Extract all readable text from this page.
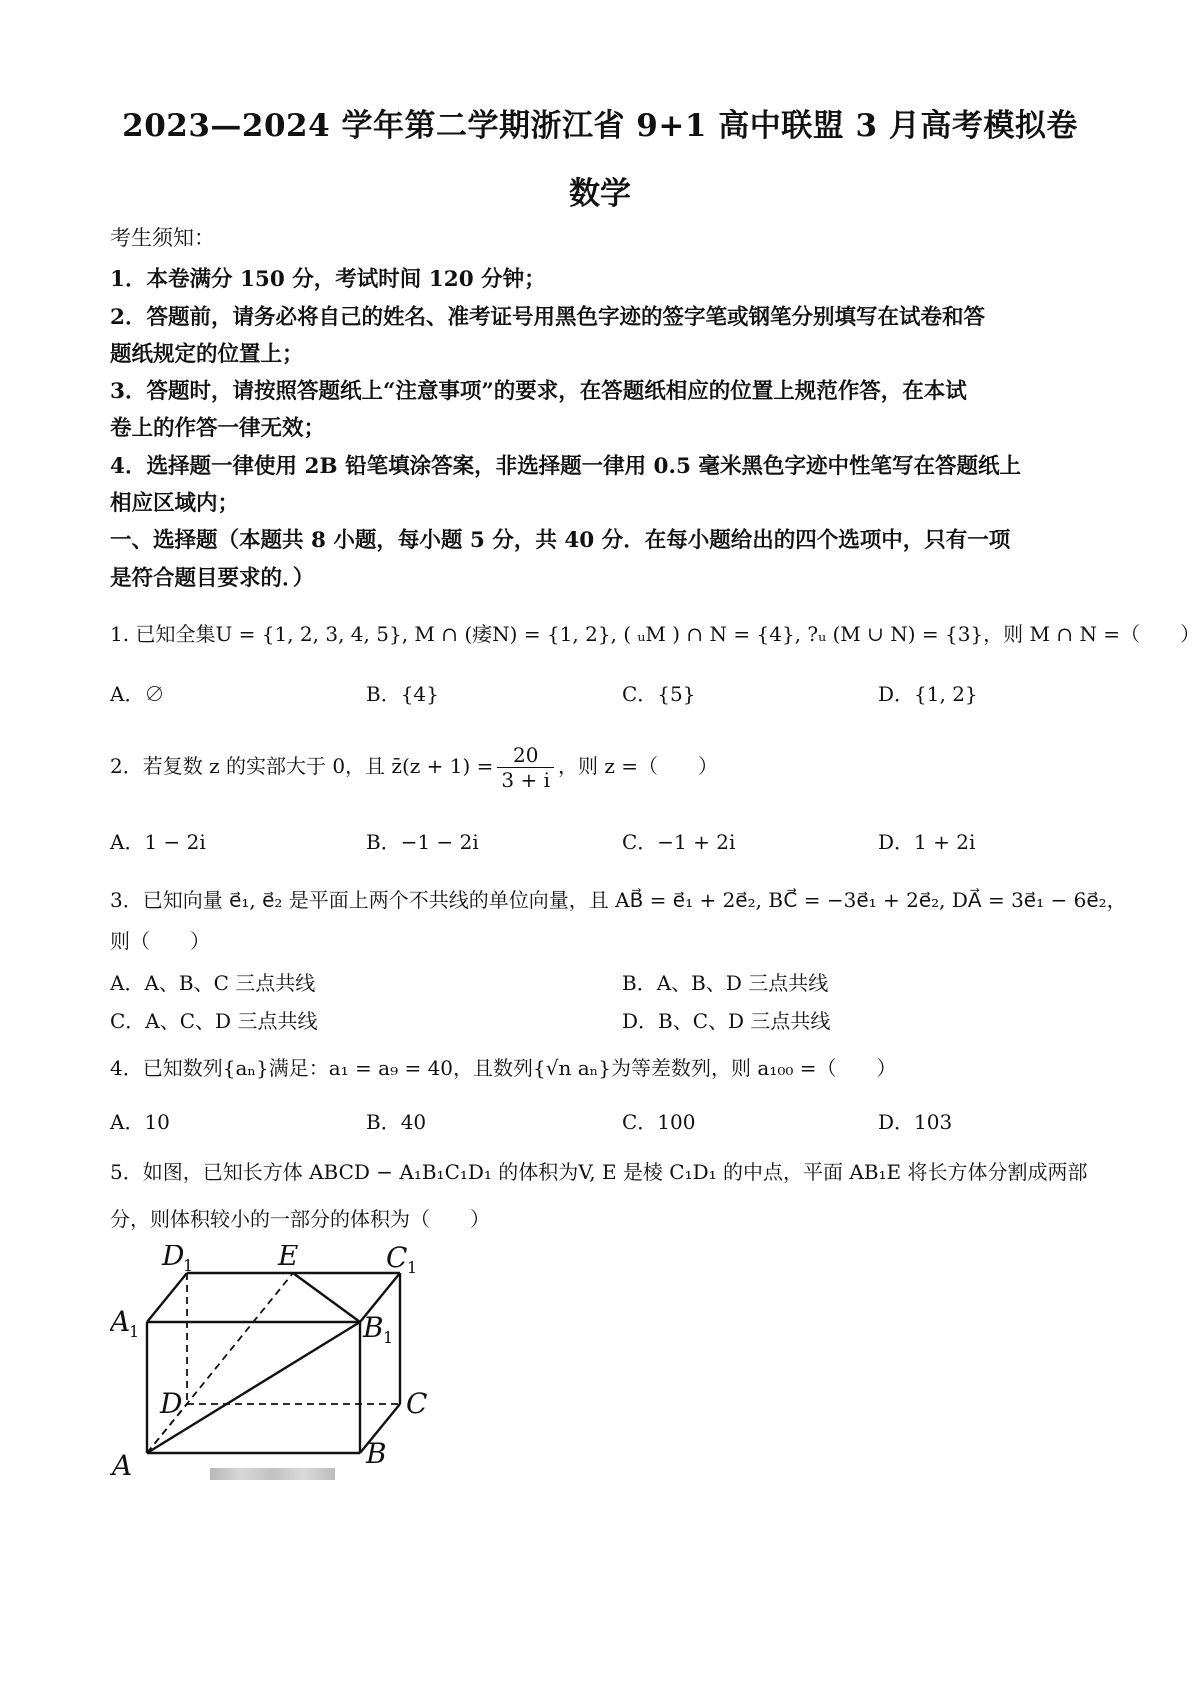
2023—2024 学年第二学期浙江省 9+1 高中联盟 3 月高考模拟卷
数学
考生须知：
1．本卷满分 150 分，考试时间 120 分钟；
2．答题前，请务必将自己的姓名、准考证号用黑色字迹的签字笔或钢笔分别填写在试卷和答
题纸规定的位置上；
3．答题时，请按照答题纸上“注意事项”的要求，在答题纸相应的位置上规范作答，在本试
卷上的作答一律无效；
4．选择题一律使用 2B 铅笔填涂答案，非选择题一律用 0.5 毫米黑色字迹中性笔写在答题纸上
相应区域内；
一、选择题（本题共 8 小题，每小题 5 分，共 40 分．在每小题给出的四个选项中，只有一项
是符合题目要求的．）
1. 已知全集U = {1, 2, 3, 4, 5}, M ∩ (痿N) = {1, 2}, ( ᵤM ) ∩ N = {4}, ?ᵤ (M ∪ N) = {3}，则 M ∩ N =（　　）
A．∅	B．{4}	C．{5}	D．{1, 2}
2．若复数 z 的实部大于 0，且 z̄(z + $1) = \frac{20}{3 + i}$ ，则 z =（　　）
A．1 − 2i	B．−1 − 2i	C．−1 + 2i	D．1 + 2i
3．已知向量 e⃗₁, e⃗₂ 是平面上两个不共线的单位向量，且 AB⃗ = e⃗₁ + 2e⃗₂, BC⃗ = −3e⃗₁ + 2e⃗₂, DA⃗ = 3e⃗₁ − 6e⃗₂，
则（　　）
A．A、B、C 三点共线	B．A、B、D 三点共线
C．A、C、D 三点共线	D．B、C、D 三点共线
4．已知数列{aₙ}满足：a₁ = a₉ = 40，且数列{√n aₙ}为等差数列，则 a₁₀₀ =（　　）
A．10	B．40	C．100	D．103
5．如图，已知长方体 ABCD − A₁B₁C₁D₁ 的体积为V, E 是棱 C₁D₁ 的中点，平面 AB₁E 将长方体分割成两部
分，则体积较小的一部分的体积为（　　）
D
1	E	C 1
A
1	B 1
D	C
A	B
